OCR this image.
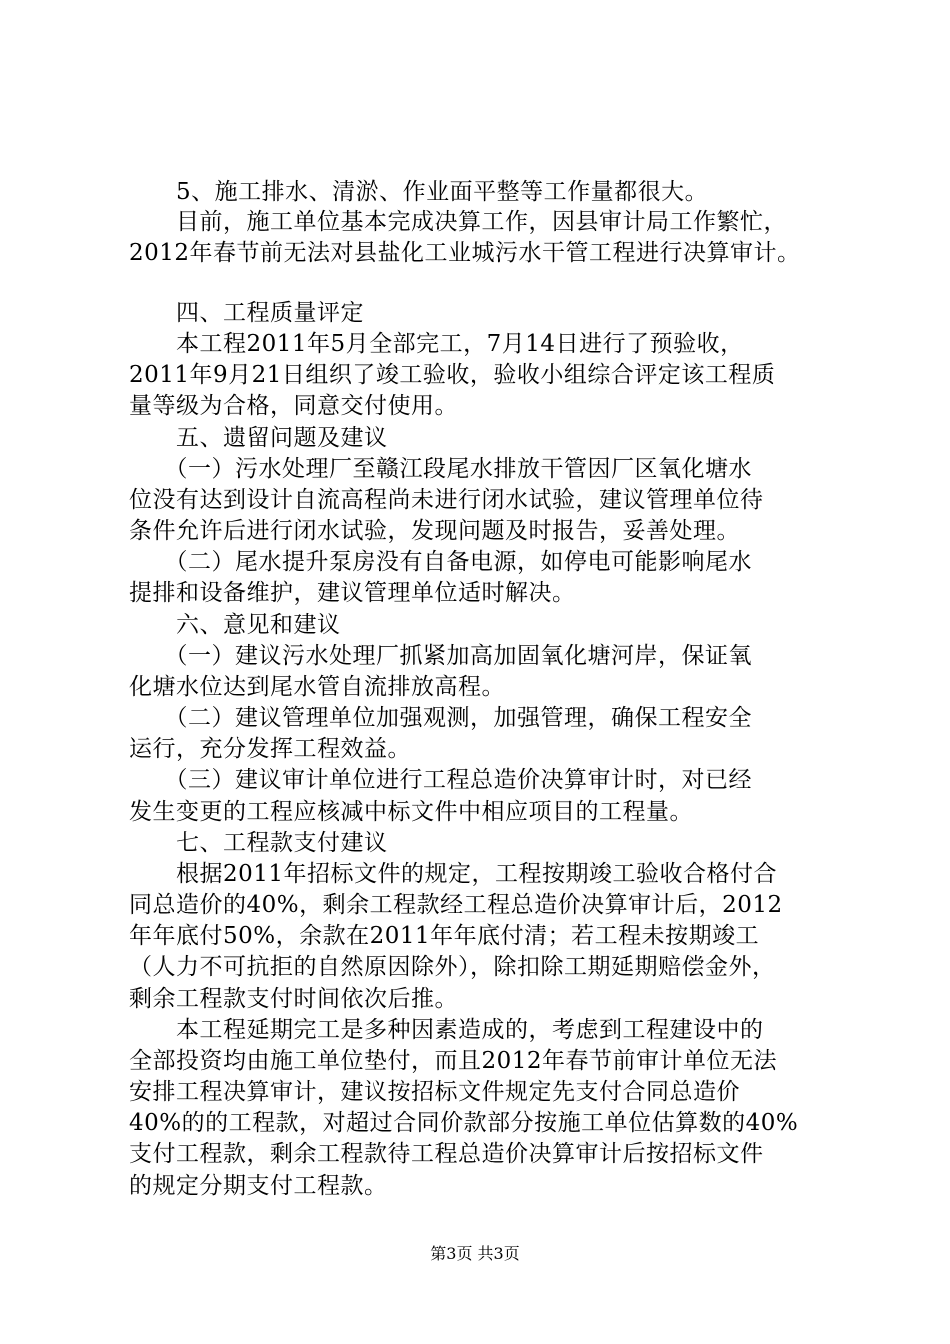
　　5、施工排水、清淤、作业面平整等工作量都很大。
　　目前，施工单位基本完成决算工作，因县审计局工作繁忙，
2012年春节前无法对县盐化工业城污水干管工程进行决算审计。
　　四、工程质量评定
　　本工程2011年5月全部完工，7月14日进行了预验收，
2011年9月21日组织了竣工验收，验收小组综合评定该工程质
量等级为合格，同意交付使用。
　　五、遗留问题及建议
　　（一）污水处理厂至赣江段尾水排放干管因厂区氧化塘水
位没有达到设计自流高程尚未进行闭水试验，建议管理单位待
条件允许后进行闭水试验，发现问题及时报告，妥善处理。
　　（二）尾水提升泵房没有自备电源，如停电可能影响尾水
提排和设备维护，建议管理单位适时解决。
　　六、意见和建议
　　（一）建议污水处理厂抓紧加高加固氧化塘河岸，保证氧
化塘水位达到尾水管自流排放高程。
　　（二）建议管理单位加强观测，加强管理，确保工程安全
运行，充分发挥工程效益。
　　（三）建议审计单位进行工程总造价决算审计时，对已经
发生变更的工程应核减中标文件中相应项目的工程量。
　　七、工程款支付建议
　　根据2011年招标文件的规定，工程按期竣工验收合格付合
同总造价的40%，剩余工程款经工程总造价决算审计后，2012
年年底付50%，余款在2011年年底付清；若工程未按期竣工
（人力不可抗拒的自然原因除外），除扣除工期延期赔偿金外，
剩余工程款支付时间依次后推。
　　本工程延期完工是多种因素造成的，考虑到工程建设中的
全部投资均由施工单位垫付，而且2012年春节前审计单位无法
安排工程决算审计，建议按招标文件规定先支付合同总造价
40%的的工程款，对超过合同价款部分按施工单位估算数的40%
支付工程款，剩余工程款待工程总造价决算审计后按招标文件
的规定分期支付工程款。
第3页 共3页
